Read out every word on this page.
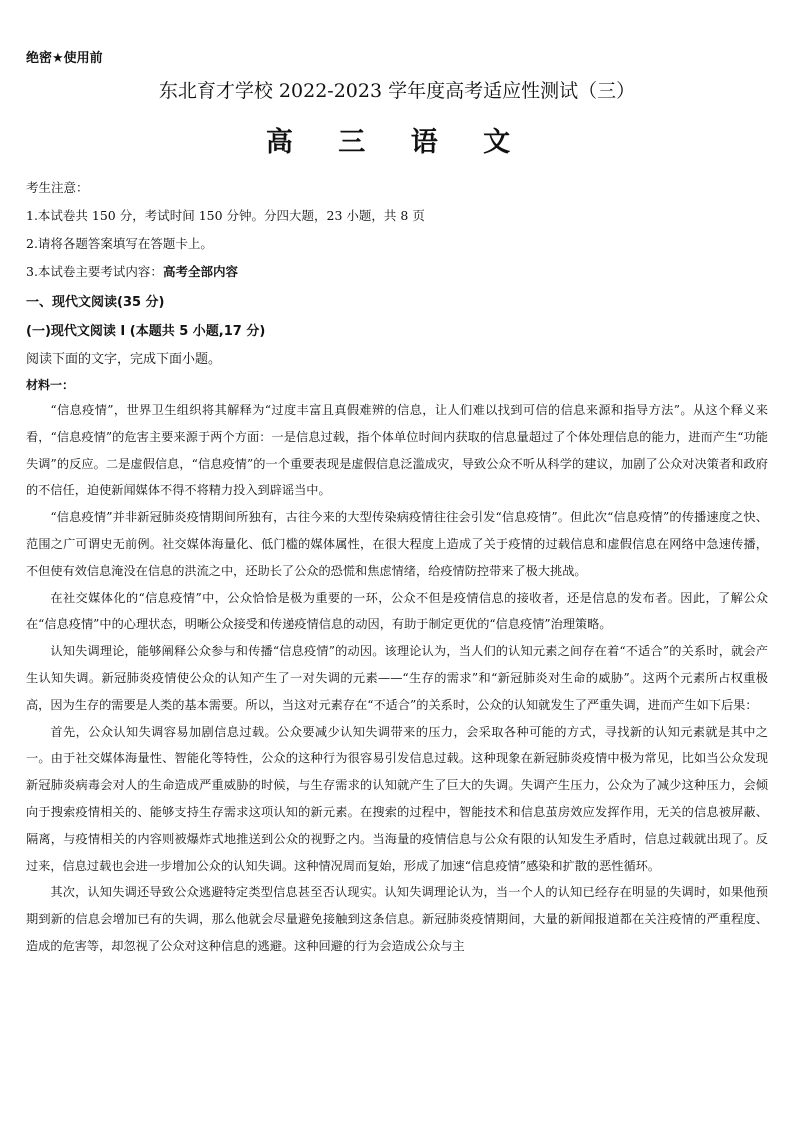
绝密★使用前
东北育才学校 2022-2023 学年度高考适应性测试（三）
高 三 语 文
考生注意：
1.本试卷共 150 分，考试时间 150 分钟。分四大题，23 小题，共 8 页
2.请将各题答案填写在答题卡上。
3.本试卷主要考试内容：高考全部内容
一、现代文阅读(35 分)
(一)现代文阅读 I (本题共 5 小题,17 分)
阅读下面的文字，完成下面小题。
材料一：

“信息疫情”，世界卫生组织将其解释为“过度丰富且真假难辨的信息，让人们难以找到可信的信息来源和指导方法”。从这个释义来看，“信息疫情”的危害主要来源于两个方面：一是信息过载，指个体单位时间内获取的信息量超过了个体处理信息的能力，进而产生“功能失调”的反应。二是虚假信息，“信息疫情”的一个重要表现是虚假信息泛滥成灾，导致公众不听从科学的建议，加剧了公众对决策者和政府的不信任，迫使新闻媒体不得不将精力投入到辟谣当中。

“信息疫情”并非新冠肺炎疫情期间所独有，古往今来的大型传染病疫情往往会引发“信息疫情”。但此次“信息疫情”的传播速度之快、范围之广可谓史无前例。社交媒体海量化、低门槛的媒体属性，在很大程度上造成了关于疫情的过载信息和虚假信息在网络中急速传播，不但使有效信息淹没在信息的洪流之中，还助长了公众的恐慌和焦虑情绪，给疫情防控带来了极大挑战。

在社交媒体化的“信息疫情”中，公众恰恰是极为重要的一环，公众不但是疫情信息的接收者，还是信息的发布者。因此，了解公众在“信息疫情”中的心理状态，明晰公众接受和传递疫情信息的动因，有助于制定更优的“信息疫情”治理策略。

认知失调理论，能够阐释公众参与和传播“信息疫情”的动因。该理论认为，当人们的认知元素之间存在着“不适合”的关系时，就会产生认知失调。新冠肺炎疫情使公众的认知产生了一对失调的元素——“生存的需求”和“新冠肺炎对生命的威胁”。这两个元素所占权重极高，因为生存的需要是人类的基本需要。所以，当这对元素存在“不适合”的关系时，公众的认知就发生了严重失调，进而产生如下后果：

首先，公众认知失调容易加剧信息过载。公众要减少认知失调带来的压力，会采取各种可能的方式，寻找新的认知元素就是其中之一。由于社交媒体海量性、智能化等特性，公众的这种行为很容易引发信息过载。这种现象在新冠肺炎疫情中极为常见，比如当公众发现新冠肺炎病毒会对人的生命造成严重威胁的时候，与生存需求的认知就产生了巨大的失调。失调产生压力，公众为了减少这种压力，会倾向于搜索疫情相关的、能够支持生存需求这项认知的新元素。在搜索的过程中，智能技术和信息茧房效应发挥作用，无关的信息被屏蔽、隔离，与疫情相关的内容则被爆炸式地推送到公众的视野之内。当海量的疫情信息与公众有限的认知发生矛盾时，信息过载就出现了。反过来，信息过载也会进一步增加公众的认知失调。这种情况周而复始，形成了加速“信息疫情”感染和扩散的恶性循环。

其次，认知失调还导致公众逃避特定类型信息甚至否认现实。认知失调理论认为，当一个人的认知已经存在明显的失调时，如果他预期到新的信息会增加已有的失调，那么他就会尽量避免接触到这条信息。新冠肺炎疫情期间，大量的新闻报道都在关注疫情的严重程度、造成的危害等，却忽视了公众对这种信息的逃避。这种回避的行为会造成公众与主
